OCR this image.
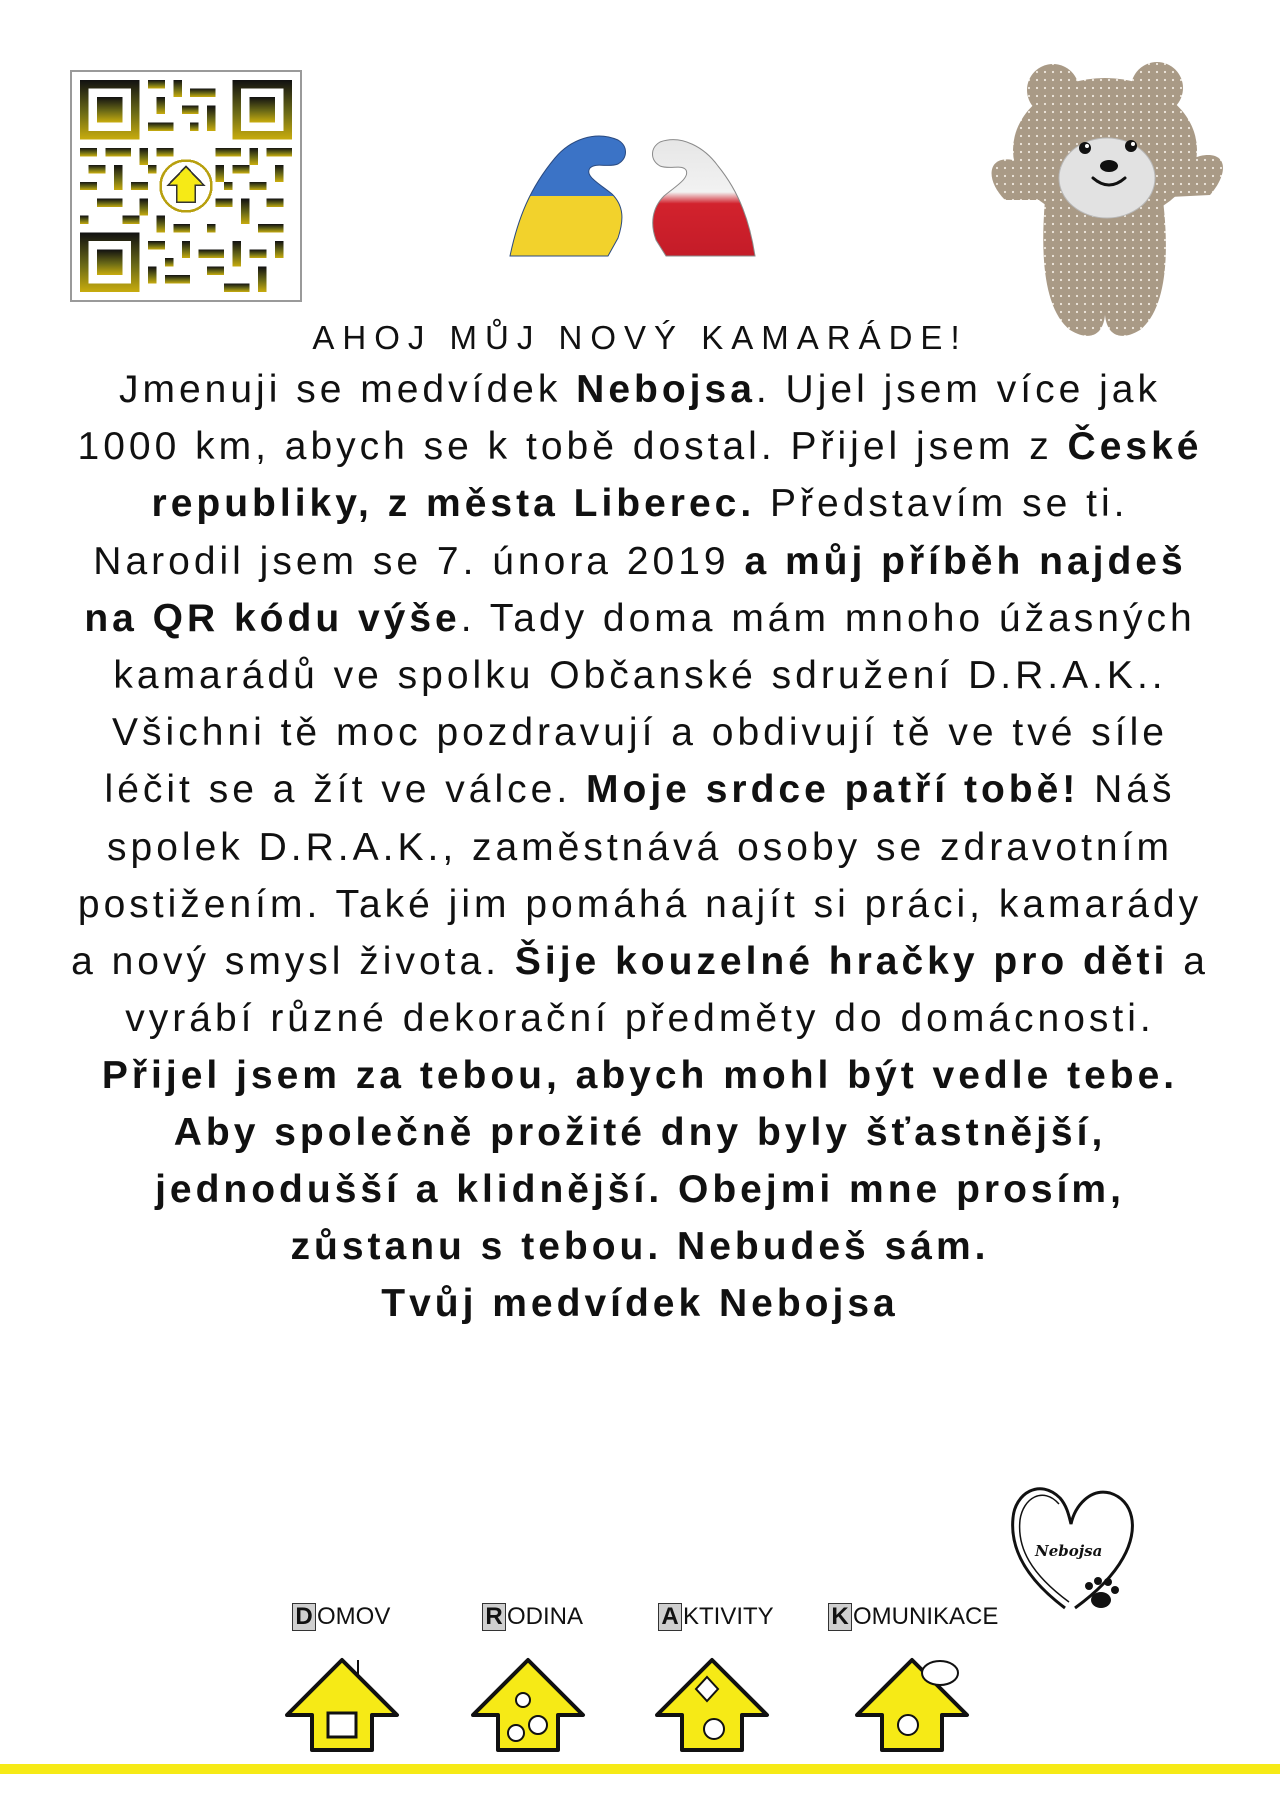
AHOJ MŮJ NOVÝ KAMARÁDE!

Jmenuji se medvídek Nebojsa. Ujel jsem více jak 1000 km, abych se k tobě dostal. Přijel jsem z České republiky, z města Liberec. Představím se ti.

Narodil jsem se 7. února 2019 a můj příběh najdeš na QR kódu výše. Tady doma mám mnoho úžasných kamarádů ve spolku Občanské sdružení D.R.A.K.. Všichni tě moc pozdravují a obdivují tě ve tvé síle léčit se a žít ve válce. Moje srdce patří tobě! Náš spolek D.R.A.K., zaměstnává osoby se zdravotním postižením. Také jim pomáhá najít si práci, kamarády a nový smysl života. Šije kouzelné hračky pro děti a vyrábí různé dekorační předměty do domácnosti.

Přijel jsem za tebou, abych mohl být vedle tebe. Aby společně prožité dny byly šťastnější, jednodušší a klidnější. Obejmi mne prosím, zůstanu s tebou. Nebudeš sám.

Tvůj medvídek Nebojsa

Nebojsa
D OMOV	R ODINA	A KTIVITY K OMUNIKACE
